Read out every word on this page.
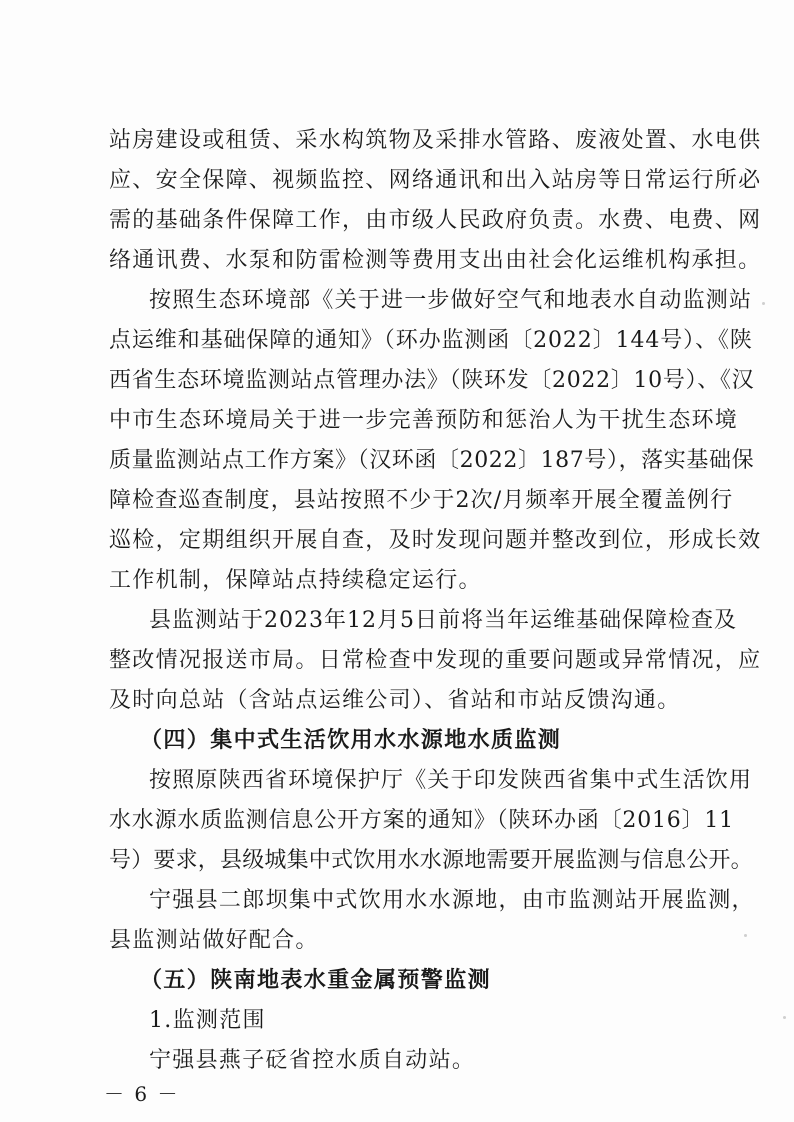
站房建设或租赁、采水构筑物及采排水管路、废液处置、水电供
应、安全保障、视频监控、网络通讯和出入站房等日常运行所必
需的基础条件保障工作，由市级人民政府负责。水费、电费、网
络通讯费、水泵和防雷检测等费用支出由社会化运维机构承担。
按照生态环境部《关于进一步做好空气和地表水自动监测站
点运维和基础保障的通知》（环办监测函〔2022〕144号）、《陕
西省生态环境监测站点管理办法》（陕环发〔2022〕10号）、《汉
中市生态环境局关于进一步完善预防和惩治人为干扰生态环境
质量监测站点工作方案》（汉环函〔2022〕187号），落实基础保
障检查巡查制度，县站按照不少于2次/月频率开展全覆盖例行
巡检，定期组织开展自查，及时发现问题并整改到位，形成长效
工作机制，保障站点持续稳定运行。
县监测站于2023年12月5日前将当年运维基础保障检查及
整改情况报送市局。日常检查中发现的重要问题或异常情况，应
及时向总站（含站点运维公司）、省站和市站反馈沟通。
（四）集中式生活饮用水水源地水质监测
按照原陕西省环境保护厅《关于印发陕西省集中式生活饮用
水水源水质监测信息公开方案的通知》（陕环办函〔2016〕11
号）要求，县级城集中式饮用水水源地需要开展监测与信息公开。
宁强县二郎坝集中式饮用水水源地，由市监测站开展监测，
县监测站做好配合。
（五）陕南地表水重金属预警监测
1.监测范围
宁强县燕子砭省控水质自动站。
－ 6 －
